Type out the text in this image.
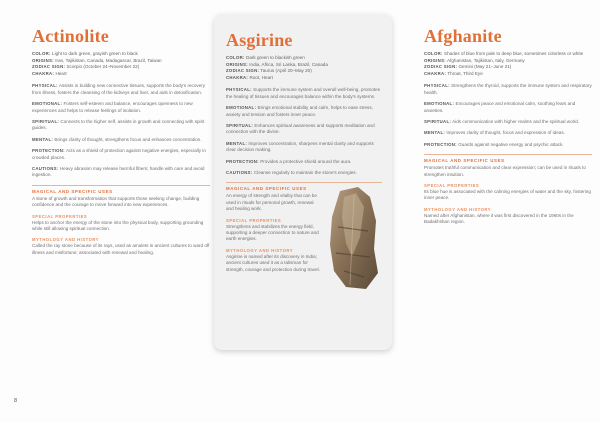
Actinolite
COLOR: Light to dark green, grayish green to black
ORIGINS: Iran, Tajikistan, Canada, Madagascar, Brazil, Taiwan
ZODIAC SIGN: Scorpio (October 24–November 22)
CHAKRA: Heart

PHYSICAL: Assists in building new connective tissues, supports the body's recovery from illness, fosters the cleansing of the kidneys and liver, and aids in detoxification.

EMOTIONAL: Fosters self-esteem and balance, encourages openness to new experiences and helps to release feelings of isolation.

SPIRITUAL: Connects to the higher self, assists in growth and connecting with spirit guides.

MENTAL: Brings clarity of thought, strengthens focus and enhances concentration.

PROTECTION: Acts as a shield of protection against negative energies, especially in crowded places.

CAUTIONS: Heavy abrasion may release harmful fibers; handle with care and avoid ingestion.

MAGICAL AND SPECIFIC USES

A stone of growth and transformation that supports those seeking change, building confidence and the courage to move forward into new experiences.

SPECIAL PROPERTIES

Helps to anchor the energy of the stone into the physical body, supporting grounding while still allowing spiritual connection.

MYTHOLOGY AND HISTORY

Called the ray stone because of its rays, used as amulets in ancient cultures to ward off illness and misfortune; associated with renewal and healing.

Asgirine
COLOR: Dark green to blackish green
ORIGINS: India, Africa, Sri Lanka, Brazil, Canada
ZODIAC SIGN: Taurus (April 20–May 20)
CHAKRA: Root, Heart

PHYSICAL: Supports the immune system and overall well-being, promotes the healing of tissues and encourages balance within the body's systems.

EMOTIONAL: Brings emotional stability and calm, helps to ease stress, anxiety and tension and fosters inner peace.

SPIRITUAL: Enhances spiritual awareness and supports meditation and connection with the divine.

MENTAL: Improves concentration, sharpens mental clarity and supports clear decision making.

PROTECTION: Provides a protective shield around the aura.

CAUTIONS: Cleanse regularly to maintain the stone's energies.

MAGICAL AND SPECIFIC USES

An energy of strength and vitality that can be used in rituals for personal growth, renewal and healing work.

SPECIAL PROPERTIES

Strengthens and stabilizes the energy field, supporting a deeper connection to nature and earth energies.

MYTHOLOGY AND HISTORY

Asgirine is named after its discovery in India; ancient cultures used it as a talisman for strength, courage and protection during travel.

Afghanite
COLOR: Shades of blue from pale to deep blue, sometimes colorless or white
ORIGINS: Afghanistan, Tajikistan, Italy, Germany
ZODIAC SIGN: Gemini (May 21–June 21)
CHAKRA: Throat, Third Eye

PHYSICAL: Strengthens the thyroid, supports the immune system and respiratory health.

EMOTIONAL: Encourages peace and emotional calm, soothing fears and anxieties.

SPIRITUAL: Aids communication with higher realms and the spiritual world.

MENTAL: Improves clarity of thought, focus and expression of ideas.

PROTECTION: Guards against negative energy and psychic attack.

MAGICAL AND SPECIFIC USES

Promotes truthful communication and clear expression; can be used in rituals to strengthen intuition.

SPECIAL PROPERTIES

Its blue hue is associated with the calming energies of water and the sky, fostering inner peace.

MYTHOLOGY AND HISTORY

Named after Afghanistan, where it was first discovered in the 1960s in the Badakhshan region.

8
